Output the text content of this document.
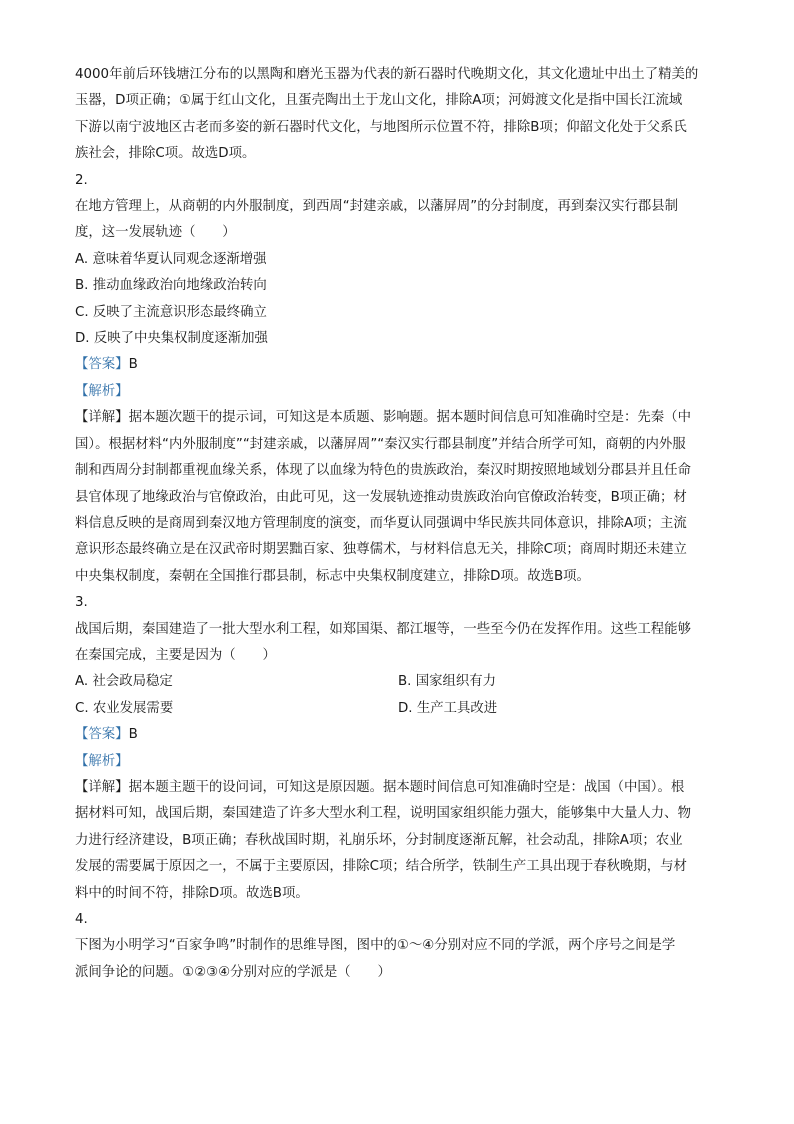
4000年前后环钱塘江分布的以黑陶和磨光玉器为代表的新石器时代晚期文化，其文化遗址中出土了精美的

玉器，D项正确；①属于红山文化，且蛋壳陶出土于龙山文化，排除A项；河姆渡文化是指中国长江流域

下游以南宁波地区古老而多姿的新石器时代文化，与地图所示位置不符，排除B项；仰韶文化处于父系氏

族社会，排除C项。故选D项。

2.

在地方管理上，从商朝的内外服制度，到西周“封建亲戚，以藩屏周”的分封制度，再到秦汉实行郡县制

度，这一发展轨迹（　　）

A. 意味着华夏认同观念逐渐增强

B. 推动血缘政治向地缘政治转向

C. 反映了主流意识形态最终确立

D. 反映了中央集权制度逐渐加强

【答案】B

【解析】

【详解】据本题次题干的提示词，可知这是本质题、影响题。据本题时间信息可知准确时空是：先秦（中

国）。根据材料“内外服制度”“封建亲戚，以藩屏周”“秦汉实行郡县制度”并结合所学可知，商朝的内外服

制和西周分封制都重视血缘关系，体现了以血缘为特色的贵族政治，秦汉时期按照地域划分郡县并且任命

县官体现了地缘政治与官僚政治，由此可见，这一发展轨迹推动贵族政治向官僚政治转变，B项正确；材

料信息反映的是商周到秦汉地方管理制度的演变，而华夏认同强调中华民族共同体意识，排除A项；主流

意识形态最终确立是在汉武帝时期罢黜百家、独尊儒术，与材料信息无关，排除C项；商周时期还未建立

中央集权制度，秦朝在全国推行郡县制，标志中央集权制度建立，排除D项。故选B项。

3.

战国后期，秦国建造了一批大型水利工程，如郑国渠、都江堰等，一些至今仍在发挥作用。这些工程能够

在秦国完成，主要是因为（　　）

A. 社会政局稳定	B. 国家组织有力
C. 农业发展需要	D. 生产工具改进

【答案】B

【解析】

【详解】据本题主题干的设问词，可知这是原因题。据本题时间信息可知准确时空是：战国（中国）。根

据材料可知，战国后期，秦国建造了许多大型水利工程，说明国家组织能力强大，能够集中大量人力、物

力进行经济建设，B项正确；春秋战国时期，礼崩乐坏，分封制度逐渐瓦解，社会动乱，排除A项；农业

发展的需要属于原因之一，不属于主要原因，排除C项；结合所学，铁制生产工具出现于春秋晚期，与材

料中的时间不符，排除D项。故选B项。

4.

下图为小明学习“百家争鸣”时制作的思维导图，图中的①～④分别对应不同的学派，两个序号之间是学

派间争论的问题。①②③④分别对应的学派是（　　）
